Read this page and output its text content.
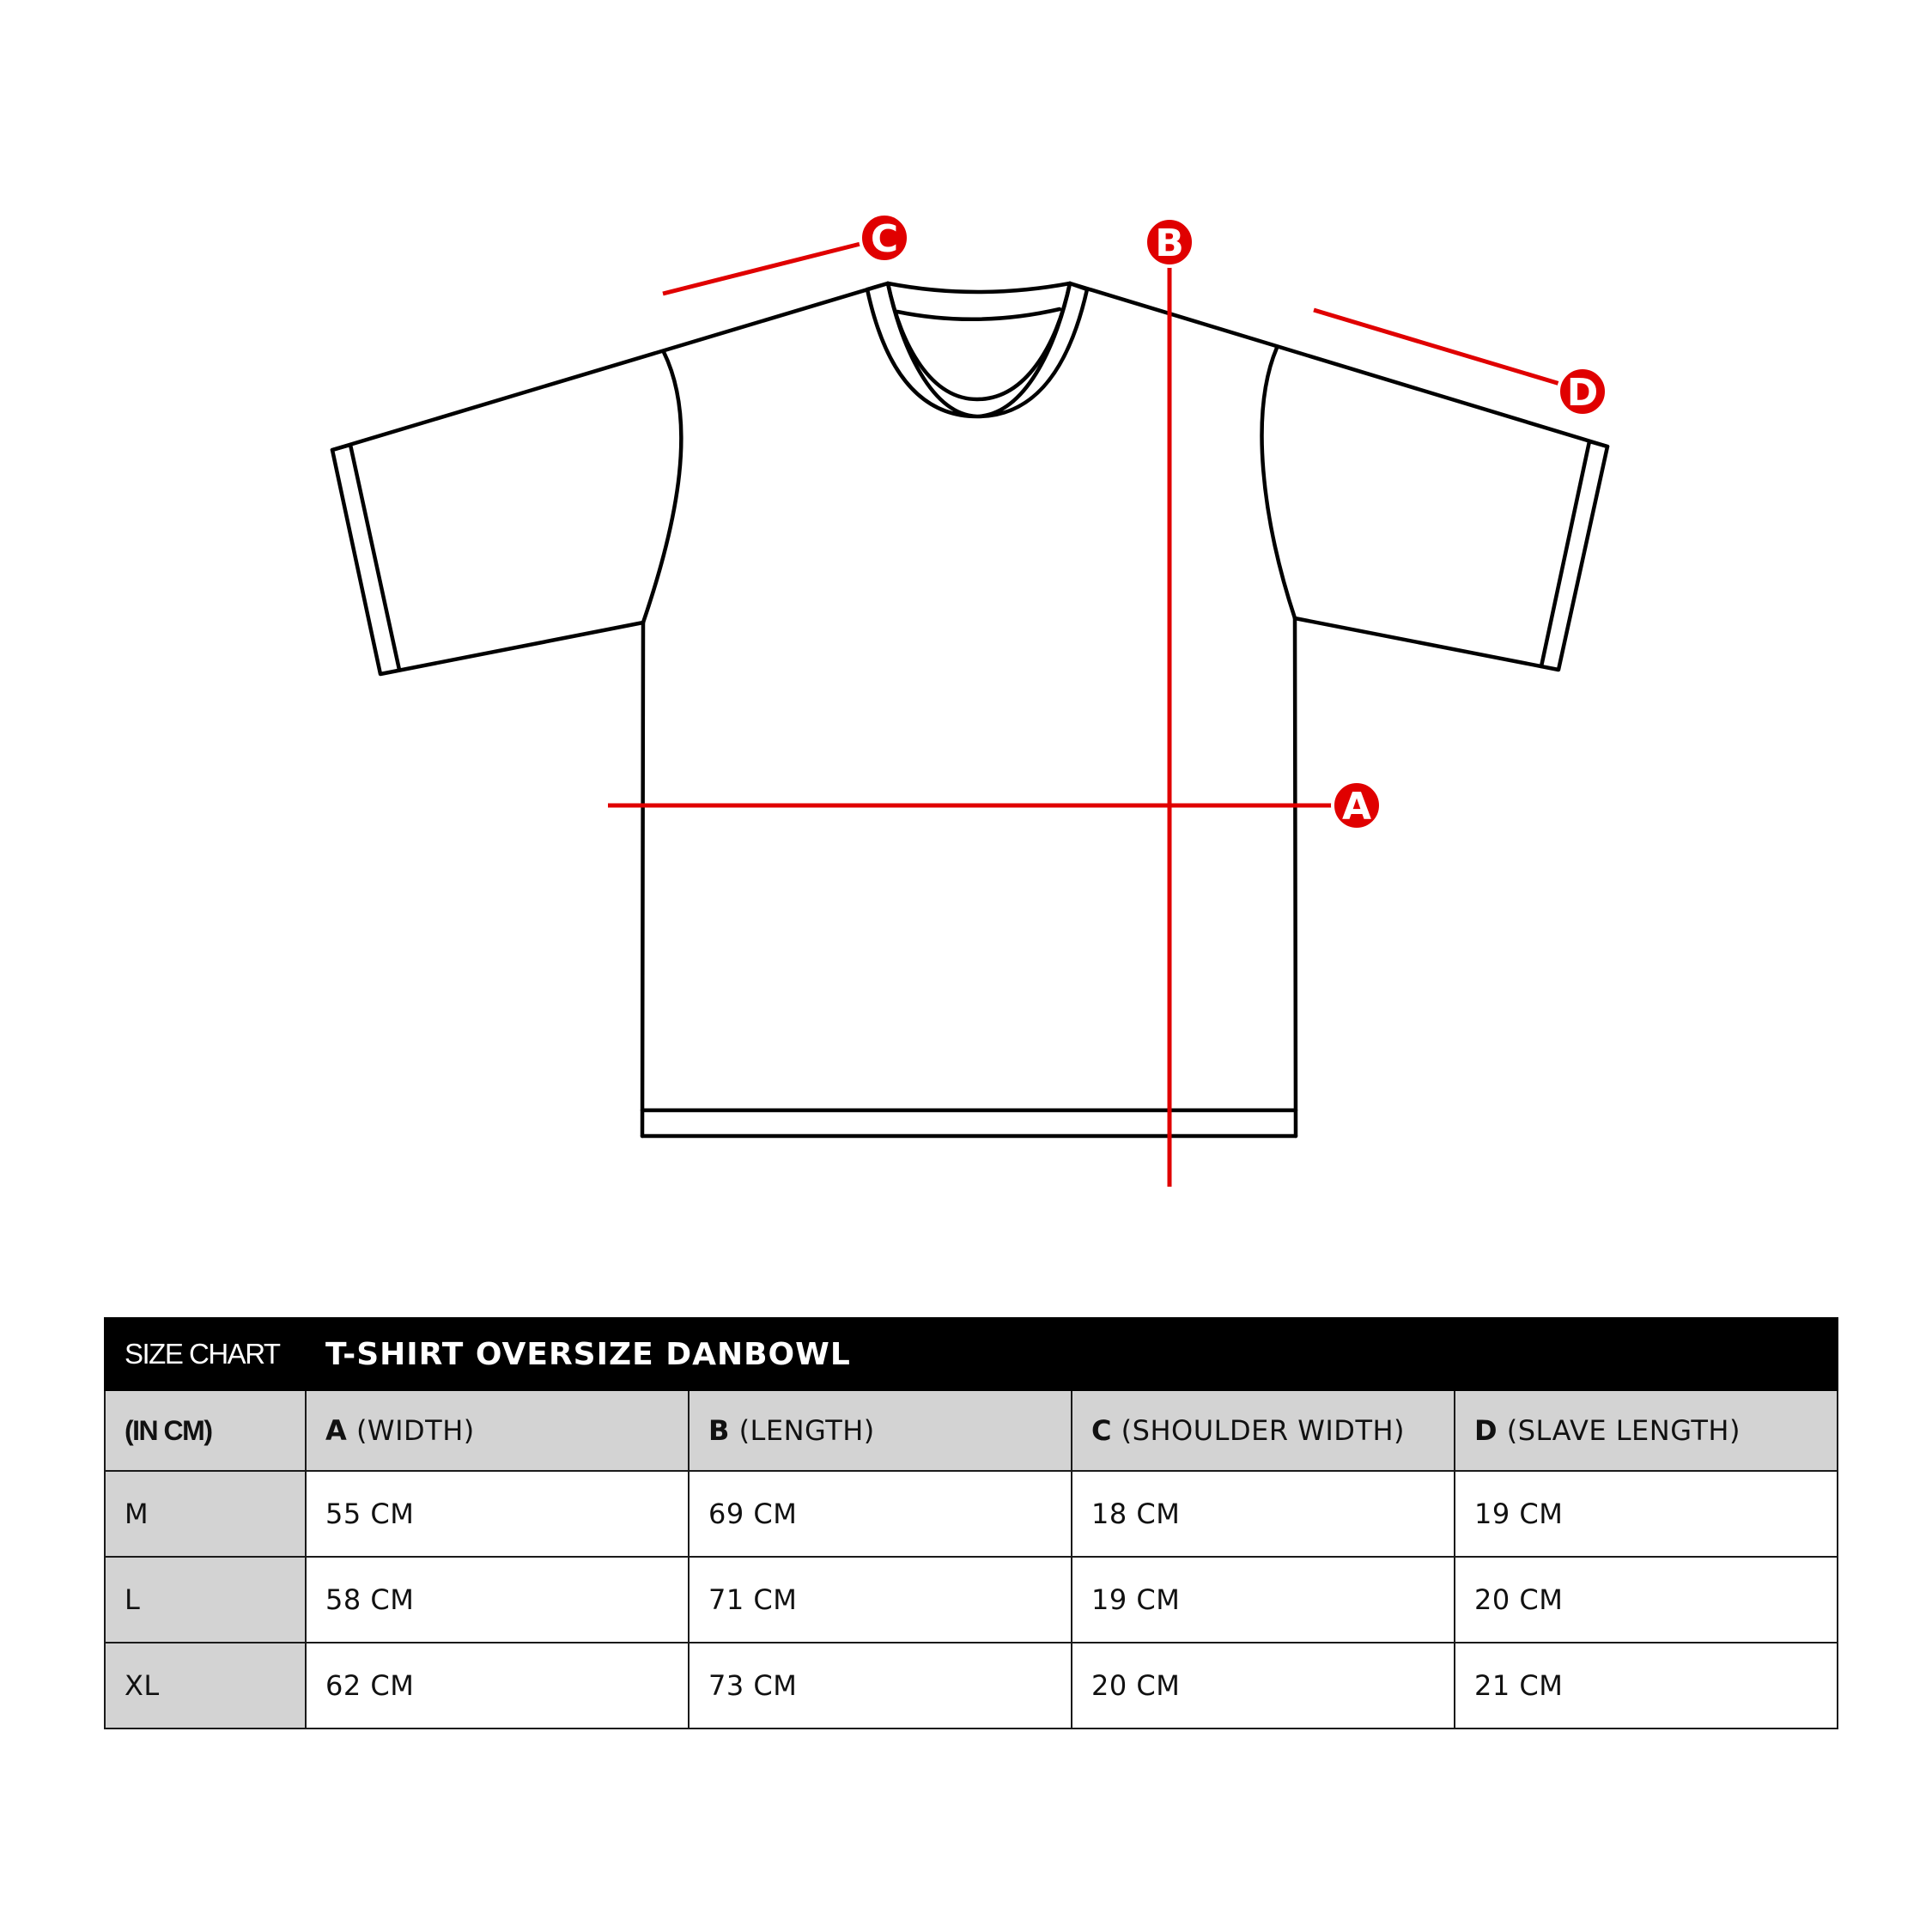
A
B
C
D
SIZE CHART	T-SHIRT OVERSIZE DANBOWL			
(IN CM)	A (WIDTH)	B (LENGTH)	C (SHOULDER WIDTH)	D (SLAVE LENGTH)
M	55 CM	69 CM	18 CM	19 CM
L	58 CM	71 CM	19 CM	20 CM
XL	62 CM	73 CM	20 CM	21 CM
